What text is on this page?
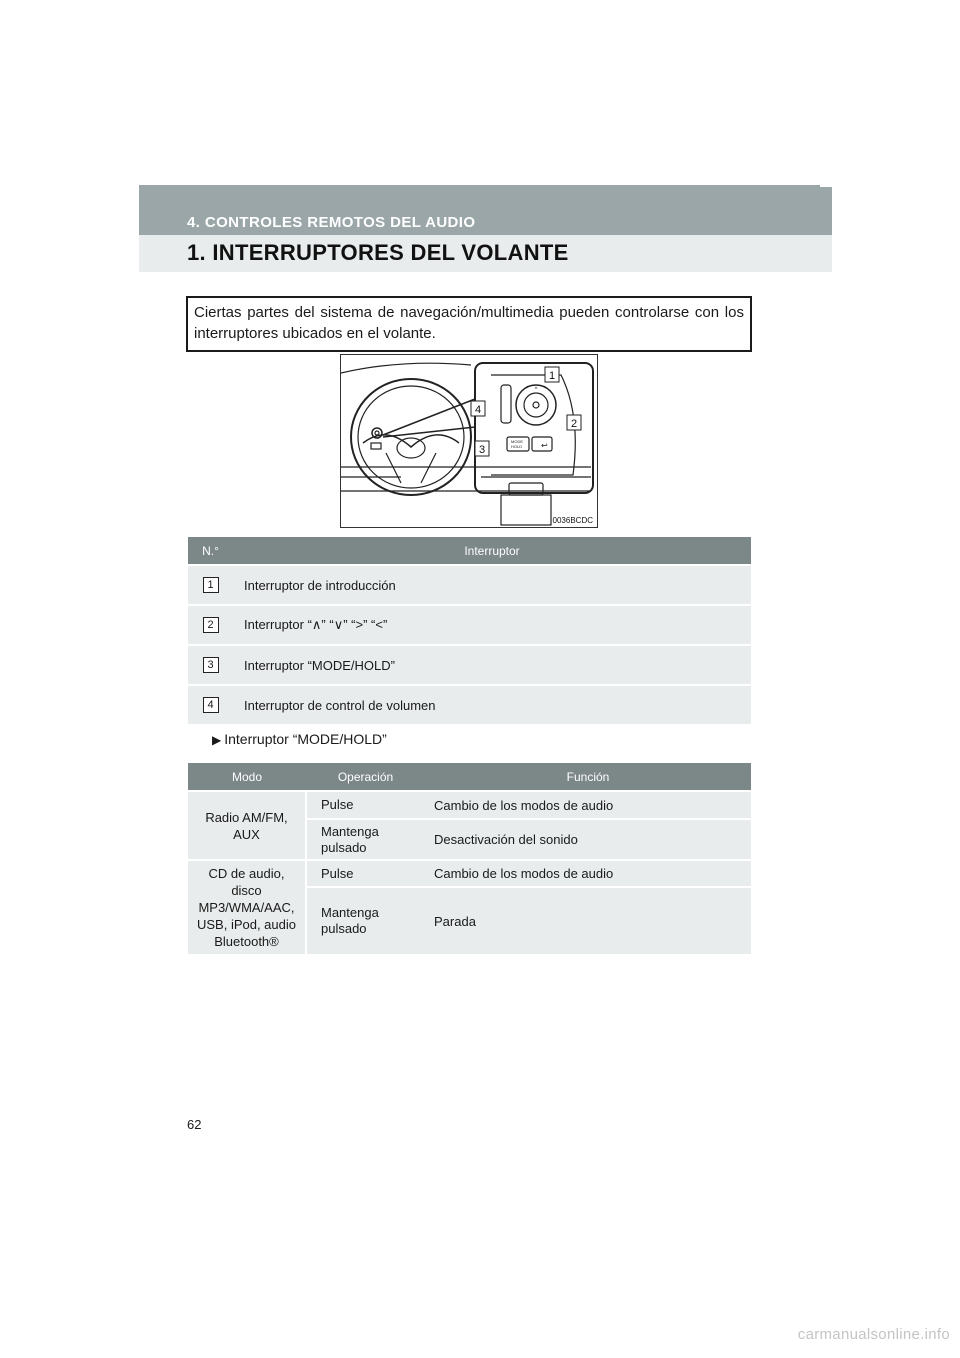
4. CONTROLES REMOTOS DEL AUDIO
1. INTERRUPTORES DEL VOLANTE
Ciertas partes del sistema de navegación/multimedia pueden controlarse con los interruptores ubicados en el volante.
^
↩
MODE
HOLD
1
2
3
4
0036BCDC
N.°	Interruptor
1	Interruptor de introducción
2	Interruptor “∧” “∨” “>” “<”
3	Interruptor “MODE/HOLD”
4	Interruptor de control de volumen
▶ Interruptor “MODE/HOLD”
Modo	Operación	Función
Radio AM/FM,
AUX	Pulse	Cambio de los modos de audio
	Mantenga
pulsado	Desactivación del sonido
CD de audio,
disco
MP3/WMA/AAC,
USB, iPod, audio
Bluetooth®	Pulse	Cambio de los modos de audio
	Mantenga
pulsado	Parada
62
carmanualsonline.info
